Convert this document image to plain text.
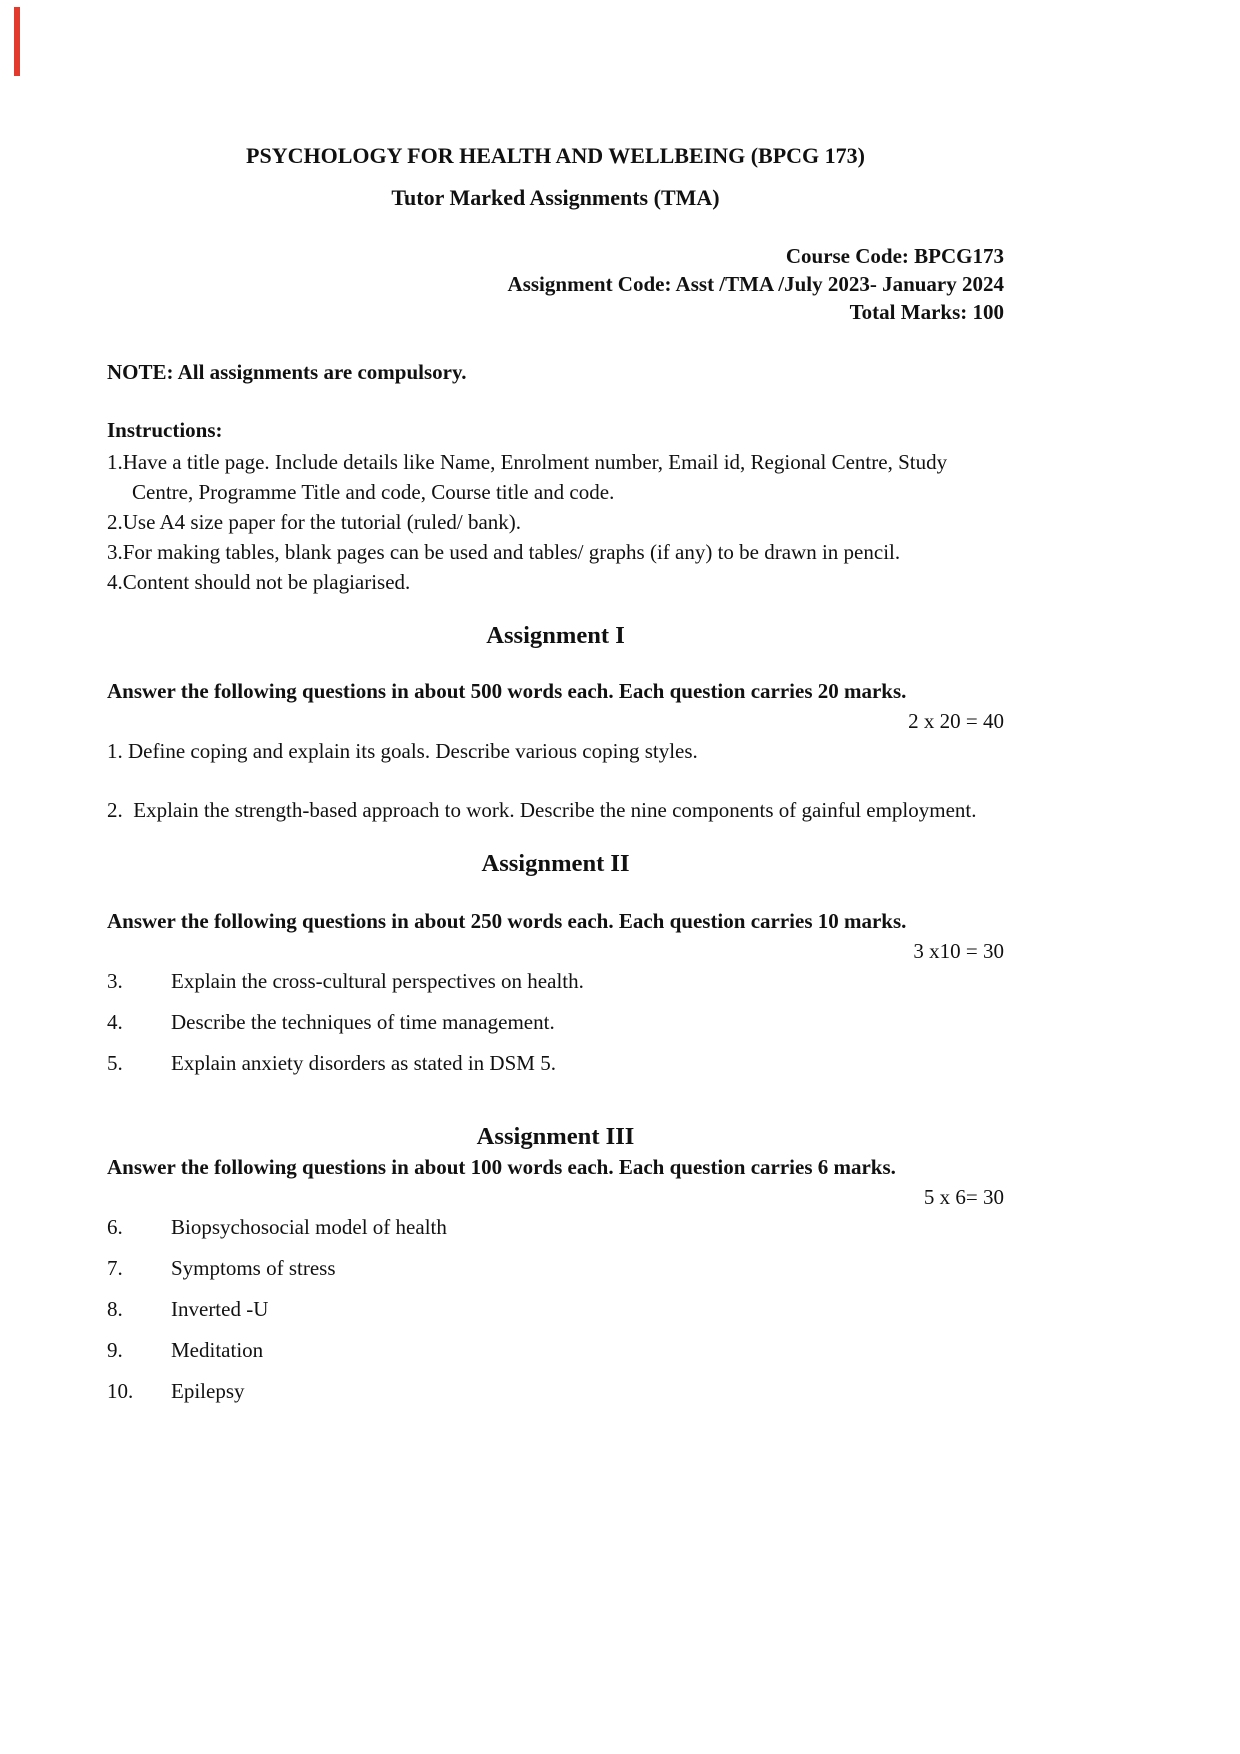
PSYCHOLOGY FOR HEALTH AND WELLBEING (BPCG 173)
Tutor Marked Assignments (TMA)

Course Code: BPCG173

Assignment Code: Asst /TMA /July 2023- January 2024

Total Marks: 100

NOTE: All assignments are compulsory.

Instructions:

1.Have a title page. Include details like Name, Enrolment number, Email id, Regional Centre, Study Centre, Programme Title and code, Course title and code.

2.Use A4 size paper for the tutorial (ruled/ bank).

3.For making tables, blank pages can be used and tables/ graphs (if any) to be drawn in pencil.

4.Content should not be plagiarised.

Assignment I

Answer the following questions in about 500 words each. Each question carries 20 marks.

2 x 20 = 40

1. Define coping and explain its goals. Describe various coping styles.

2. Explain the strength-based approach to work. Describe the nine components of gainful employment.

Assignment II

Answer the following questions in about 250 words each. Each question carries 10 marks.

3 x10 = 30

3.	Explain the cross-cultural perspectives on health.

4.	Describe the techniques of time management.

5.	Explain anxiety disorders as stated in DSM 5.

Assignment III

Answer the following questions in about 100 words each. Each question carries 6 marks.

5 x 6= 30

6.	Biopsychosocial model of health

7.	Symptoms of stress

8.	Inverted -U

9.	Meditation

10.	Epilepsy
